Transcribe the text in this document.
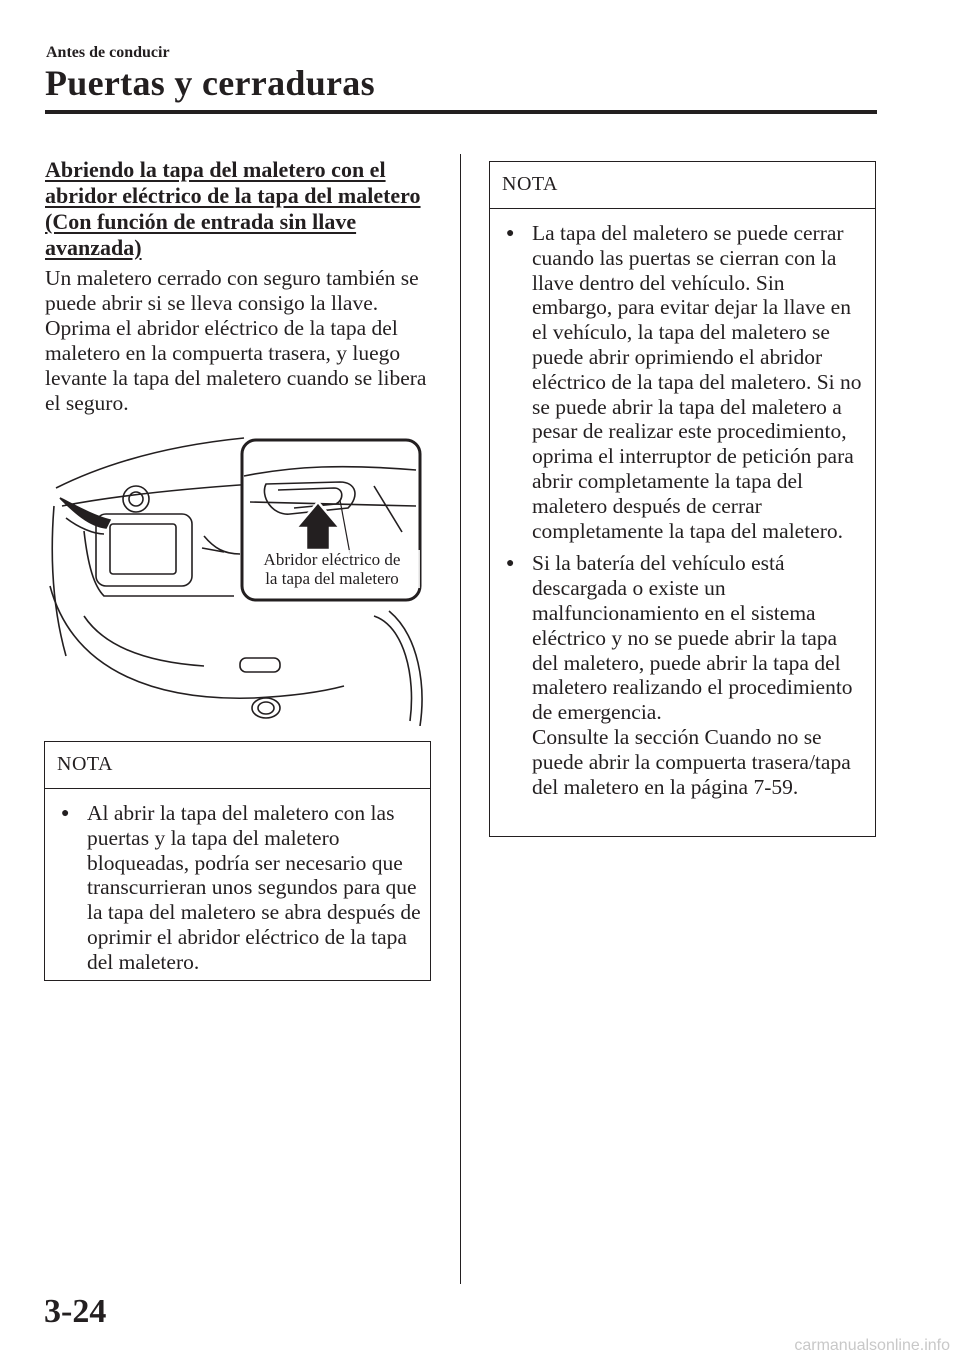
Antes de conducir
Puertas y cerraduras
Abriendo la tapa del maletero con el abridor eléctrico de la tapa del maletero (Con función de entrada sin llave avanzada)
Un maletero cerrado con seguro también se puede abrir si se lleva consigo la llave. Oprima el abridor eléctrico de la tapa del maletero en la compuerta trasera, y luego levante la tapa del maletero cuando se libera el seguro.
Abridor eléctrico de
la tapa del maletero
NOTA
● Al abrir la tapa del maletero con las puertas y la tapa del maletero bloqueadas, podría ser necesario que transcurrieran unos segundos para que la tapa del maletero se abra después de oprimir el abridor eléctrico de la tapa del maletero.
NOTA
● La tapa del maletero se puede cerrar cuando las puertas se cierran con la llave dentro del vehículo. Sin embargo, para evitar dejar la llave en el vehículo, la tapa del maletero se puede abrir oprimiendo el abridor eléctrico de la tapa del maletero. Si no se puede abrir la tapa del maletero a pesar de realizar este procedimiento, oprima el interruptor de petición para abrir completamente la tapa del maletero después de cerrar completamente la tapa del maletero.
● Si la batería del vehículo está descargada o existe un malfuncionamiento en el sistema eléctrico y no se puede abrir la tapa del maletero, puede abrir la tapa del maletero realizando el procedimiento de emergencia.
Consulte la sección Cuando no se puede abrir la compuerta trasera/tapa del maletero en la página 7-59.
3-24
carmanualsonline.info
